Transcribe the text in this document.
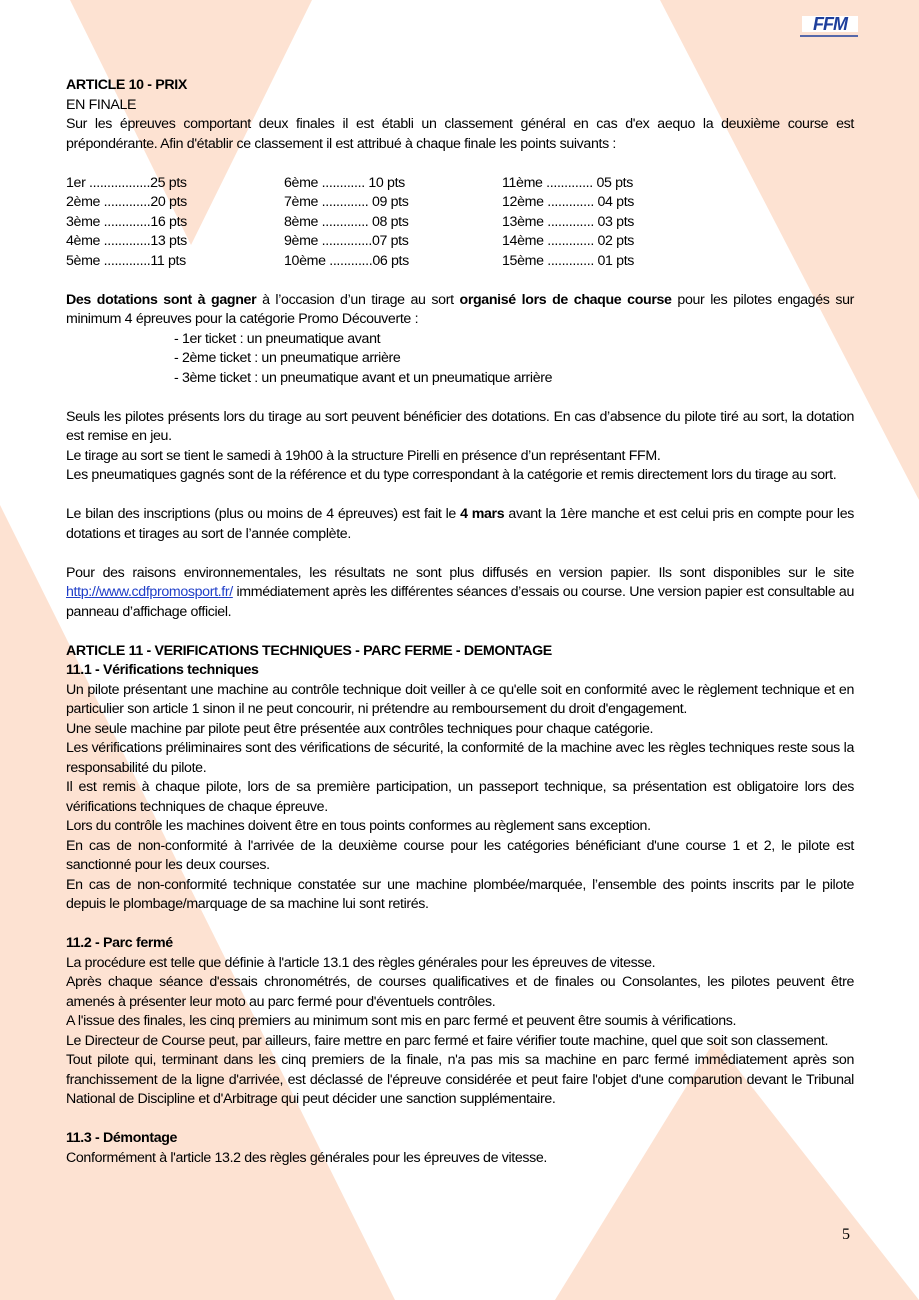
FFM

ARTICLE 10 - PRIX

EN FINALE

Sur les épreuves comportant deux finales il est établi un classement général en cas d'ex aequo la deuxième course est prépondérante. Afin d'établir ce classement il est attribué à chaque finale les points suivants :

1er .................25 pts

2ème .............20 pts

3ème .............16 pts

4ème .............13 pts

5ème .............11 pts

6ème ............ 10 pts

7ème ............. 09 pts

8ème ............. 08 pts

9ème ..............07 pts

10ème ............06 pts

11ème ............. 05 pts

12ème ............. 04 pts

13ème ............. 03 pts

14ème ............. 02 pts

15ème ............. 01 pts

Des dotations sont à gagner à l’occasion d’un tirage au sort organisé lors de chaque course pour les pilotes engagés sur minimum 4 épreuves pour la catégorie Promo Découverte :

- 1er ticket : un pneumatique avant

- 2ème ticket : un pneumatique arrière

- 3ème ticket : un pneumatique avant et un pneumatique arrière

Seuls les pilotes présents lors du tirage au sort peuvent bénéficier des dotations. En cas d’absence du pilote tiré au sort, la dotation est remise en jeu.

Le tirage au sort se tient le samedi à 19h00 à la structure Pirelli en présence d’un représentant FFM.

Les pneumatiques gagnés sont de la référence et du type correspondant à la catégorie et remis directement lors du tirage au sort.

Le bilan des inscriptions (plus ou moins de 4 épreuves) est fait le 4 mars avant la 1ère manche et est celui pris en compte pour les dotations et tirages au sort de l’année complète.

Pour des raisons environnementales, les résultats ne sont plus diffusés en version papier. Ils sont disponibles sur le site http://www.cdfpromosport.fr/ immédiatement après les différentes séances d’essais ou course. Une version papier est consultable au panneau d’affichage officiel.

ARTICLE 11 - VERIFICATIONS TECHNIQUES - PARC FERME - DEMONTAGE

11.1 - Vérifications techniques

Un pilote présentant une machine au contrôle technique doit veiller à ce qu'elle soit en conformité avec le règlement technique et en particulier son article 1 sinon il ne peut concourir, ni prétendre au remboursement du droit d'engagement.

Une seule machine par pilote peut être présentée aux contrôles techniques pour chaque catégorie.

Les vérifications préliminaires sont des vérifications de sécurité, la conformité de la machine avec les règles techniques reste sous la responsabilité du pilote.

Il est remis à chaque pilote, lors de sa première participation, un passeport technique, sa présentation est obligatoire lors des vérifications techniques de chaque épreuve.

Lors du contrôle les machines doivent être en tous points conformes au règlement sans exception.

En cas de non-conformité à l'arrivée de la deuxième course pour les catégories bénéficiant d'une course 1 et 2, le pilote est sanctionné pour les deux courses.

En cas de non-conformité technique constatée sur une machine plombée/marquée, l’ensemble des points inscrits par le pilote depuis le plombage/marquage de sa machine lui sont retirés.

11.2 - Parc fermé

La procédure est telle que définie à l'article 13.1 des règles générales pour les épreuves de vitesse.

Après chaque séance d'essais chronométrés, de courses qualificatives et de finales ou Consolantes, les pilotes peuvent être amenés à présenter leur moto au parc fermé pour d'éventuels contrôles.

A l'issue des finales, les cinq premiers au minimum sont mis en parc fermé et peuvent être soumis à vérifications.

Le Directeur de Course peut, par ailleurs, faire mettre en parc fermé et faire vérifier toute machine, quel que soit son classement.

Tout pilote qui, terminant dans les cinq premiers de la finale, n'a pas mis sa machine en parc fermé immédiatement après son franchissement de la ligne d'arrivée, est déclassé de l'épreuve considérée et peut faire l'objet d'une comparution devant le Tribunal National de Discipline et d'Arbitrage qui peut décider une sanction supplémentaire.

11.3 - Démontage

Conformément à l'article 13.2 des règles générales pour les épreuves de vitesse.

5
